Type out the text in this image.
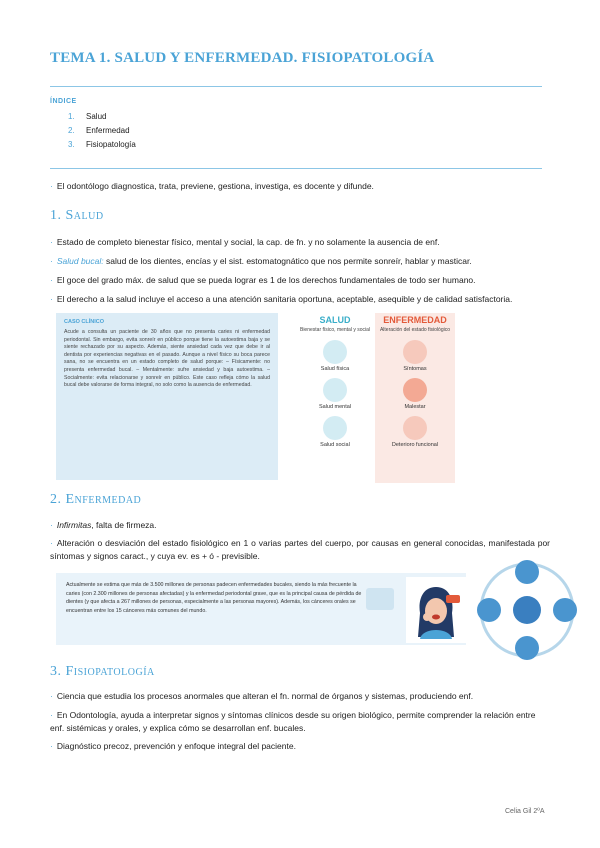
TEMA 1. SALUD Y ENFERMEDAD. FISIOPATOLOGÍA
ÍNDICE
1. Salud
2. Enfermedad
3. Fisiopatología
· El odontólogo diagnostica, trata, previene, gestiona, investiga, es docente y difunde.
1. Salud
· Estado de completo bienestar físico, mental y social, la cap. de fn. y no solamente la ausencia de enf.
· Salud bucal: salud de los dientes, encías y el sist. estomatognático que nos permite sonreír, hablar y masticar.
· El goce del grado máx. de salud que se pueda lograr es 1 de los derechos fundamentales de todo ser humano.
· El derecho a la salud incluye el acceso a una atención sanitaria oportuna, aceptable, asequible y de calidad satisfactoria.
CASO CLÍNICO

Acude a consulta un paciente de 30 años que no presenta caries ni enfermedad periodontal. Sin embargo, evita sonreír en público porque tiene la autoestima baja y se siente rechazado por su aspecto. Además, siente ansiedad cada vez que debe ir al dentista por experiencias negativas en el pasado. Aunque a nivel físico su boca parece sana, no se encuentra en un estado completo de salud porque: – Físicamente: no presenta enfermedad bucal. – Mentalmente: sufre ansiedad y baja autoestima. – Socialmente: evita relacionarse y sonreír en público. Este caso refleja cómo la salud bucal debe valorarse de forma integral, no solo como la ausencia de enfermedad.

SALUD
Bienestar físico, mental y social
Salud física
Salud mental
Salud social
ENFERMEDAD
Alteración del estado fisiológico
Síntomas
Malestar
Deterioro funcional
2. Enfermedad
· Infirmitas, falta de firmeza.
· Alteración o desviación del estado fisiológico en 1 o varias partes del cuerpo, por causas en general conocidas, manifestada por síntomas y signos caract., y cuya ev. es + ó - previsible.

Actualmente se estima que más de 3.500 millones de personas padecen enfermedades bucales, siendo la más frecuente la caries (con 2.300 millones de personas afectadas) y la enfermedad periodontal grave, que es la principal causa de pérdida de dientes (y que afecta a 267 millones de personas, especialmente a las personas mayores). Además, los cánceres orales se encuentran entre los 15 cánceres más comunes del mundo.

3. Fisiopatología
· Ciencia que estudia los procesos anormales que alteran el fn. normal de órganos y sistemas, produciendo enf.
· En Odontología, ayuda a interpretar signos y síntomas clínicos desde su origen biológico, permite comprender la relación entre enf. sistémicas y orales, y explica cómo se desarrollan enf. bucales.
· Diagnóstico precoz, prevención y enfoque integral del paciente.
Celia Gil 2ºA
